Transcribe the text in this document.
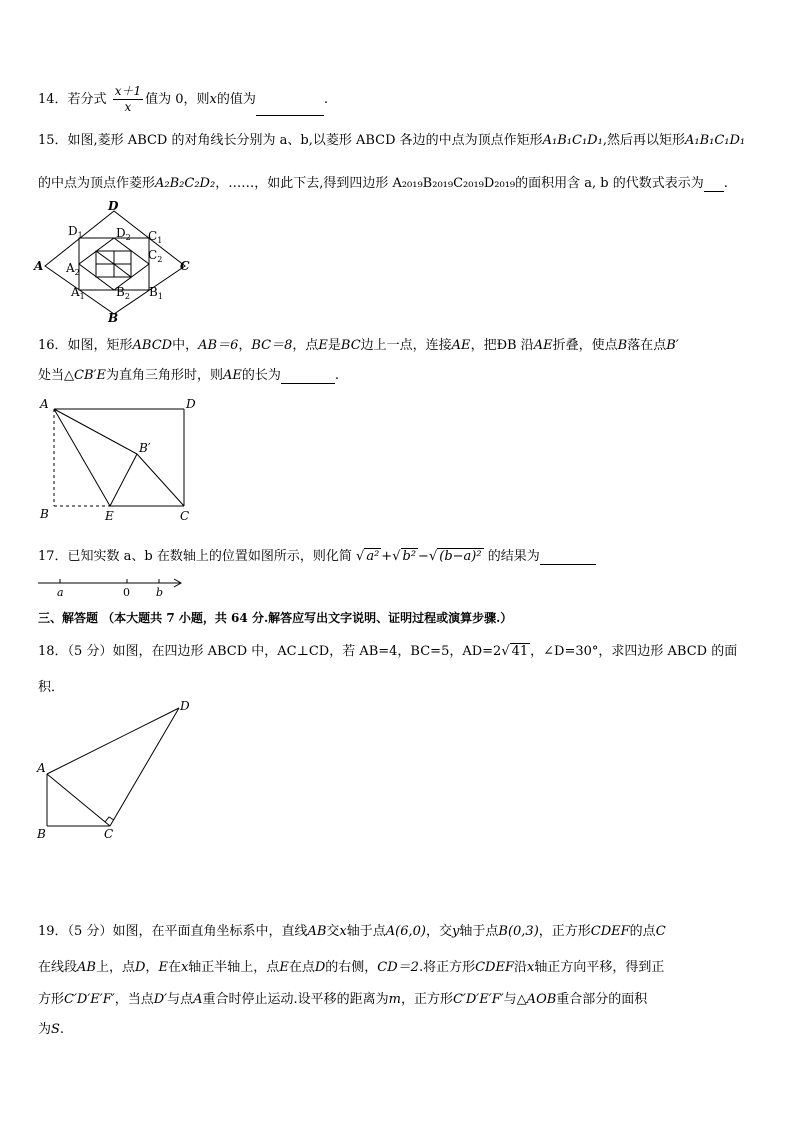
14．若分式 $\frac{x+1}{x}$ 值为 0，则x的值为	.
15．如图,菱形 ABCD 的对角线长分别为 a、b,以菱形 ABCD 各边的中点为顶点作矩形A₁B₁C₁D₁,然后再以矩形A₁B₁C₁D₁
的中点为顶点作菱形A₂B₂C₂D₂，……，如此下去,得到四边形 A₂₀₁₉B₂₀₁₉C₂₀₁₉D₂₀₁₉的面积用含 a, b 的代数式表示为 .
D
A	C
B
$D_1$	$D_2$ $C_1$
$C_2$
$A_2$
$A_1$	$B_2$ $B_1$
16．如图，矩形ABCD中，AB＝6，BC＝8，点E是BC边上一点，连接AE，把ÐB 沿AE折叠，使点B落在点B′
处当△CB′E为直角三角形时，则AE的长为	.
A	D
B	E	C
B′
17．已知实数 a、b 在数轴上的位置如图所示，则化简 √ a² +√ b² −√ (b−a)² 的结果为
a	0 b
三、解答题 （本大题共 7 小题，共 64 分.解答应写出文字说明、证明过程或演算步骤.）
18．（5 分）如图，在四边形 ABCD 中，AC⊥CD，若 AB=4，BC=5，AD=2√ 41 ，∠D=30°，求四边形 ABCD 的面
积．
A
B	C
D
19．（5 分）如图，在平面直角坐标系中，直线AB交x轴于点A(6,0)，交y轴于点B(0,3)，正方形CDEF的点C
在线段AB上，点D，E在x轴正半轴上，点E在点D的右侧，CD＝2.将正方形CDEF沿x轴正方向平移，得到正
方形C′D′E′F′，当点D′与点A重合时停止运动.设平移的距离为m，正方形C′D′E′F′与△AOB重合部分的面积
为S.
